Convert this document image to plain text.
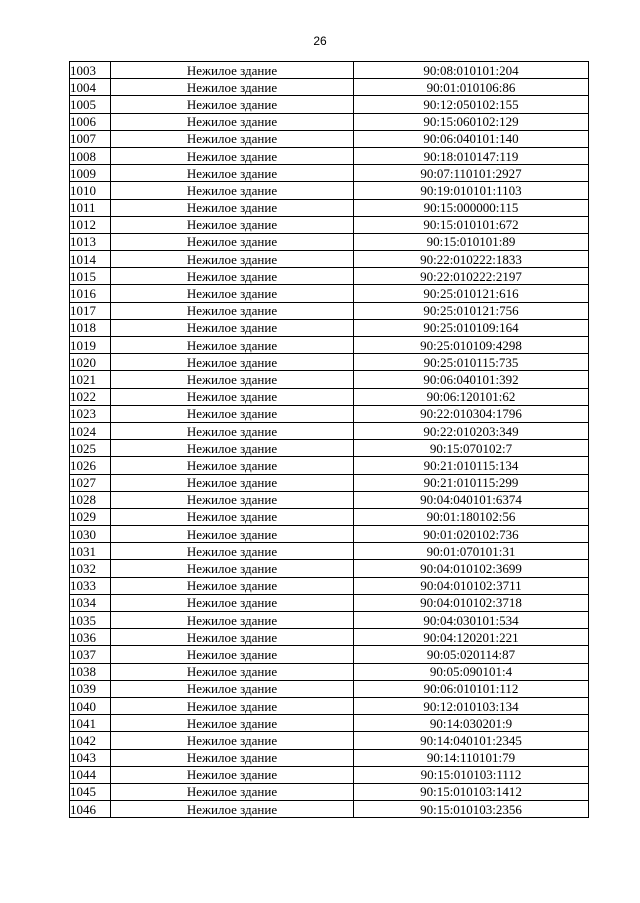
26
1003	Нежилое здание	90:08:010101:204
1004	Нежилое здание	90:01:010106:86
1005	Нежилое здание	90:12:050102:155
1006	Нежилое здание	90:15:060102:129
1007	Нежилое здание	90:06:040101:140
1008	Нежилое здание	90:18:010147:119
1009	Нежилое здание	90:07:110101:2927
1010	Нежилое здание	90:19:010101:1103
1011	Нежилое здание	90:15:000000:115
1012	Нежилое здание	90:15:010101:672
1013	Нежилое здание	90:15:010101:89
1014	Нежилое здание	90:22:010222:1833
1015	Нежилое здание	90:22:010222:2197
1016	Нежилое здание	90:25:010121:616
1017	Нежилое здание	90:25:010121:756
1018	Нежилое здание	90:25:010109:164
1019	Нежилое здание	90:25:010109:4298
1020	Нежилое здание	90:25:010115:735
1021	Нежилое здание	90:06:040101:392
1022	Нежилое здание	90:06:120101:62
1023	Нежилое здание	90:22:010304:1796
1024	Нежилое здание	90:22:010203:349
1025	Нежилое здание	90:15:070102:7
1026	Нежилое здание	90:21:010115:134
1027	Нежилое здание	90:21:010115:299
1028	Нежилое здание	90:04:040101:6374
1029	Нежилое здание	90:01:180102:56
1030	Нежилое здание	90:01:020102:736
1031	Нежилое здание	90:01:070101:31
1032	Нежилое здание	90:04:010102:3699
1033	Нежилое здание	90:04:010102:3711
1034	Нежилое здание	90:04:010102:3718
1035	Нежилое здание	90:04:030101:534
1036	Нежилое здание	90:04:120201:221
1037	Нежилое здание	90:05:020114:87
1038	Нежилое здание	90:05:090101:4
1039	Нежилое здание	90:06:010101:112
1040	Нежилое здание	90:12:010103:134
1041	Нежилое здание	90:14:030201:9
1042	Нежилое здание	90:14:040101:2345
1043	Нежилое здание	90:14:110101:79
1044	Нежилое здание	90:15:010103:1112
1045	Нежилое здание	90:15:010103:1412
1046	Нежилое здание	90:15:010103:2356
